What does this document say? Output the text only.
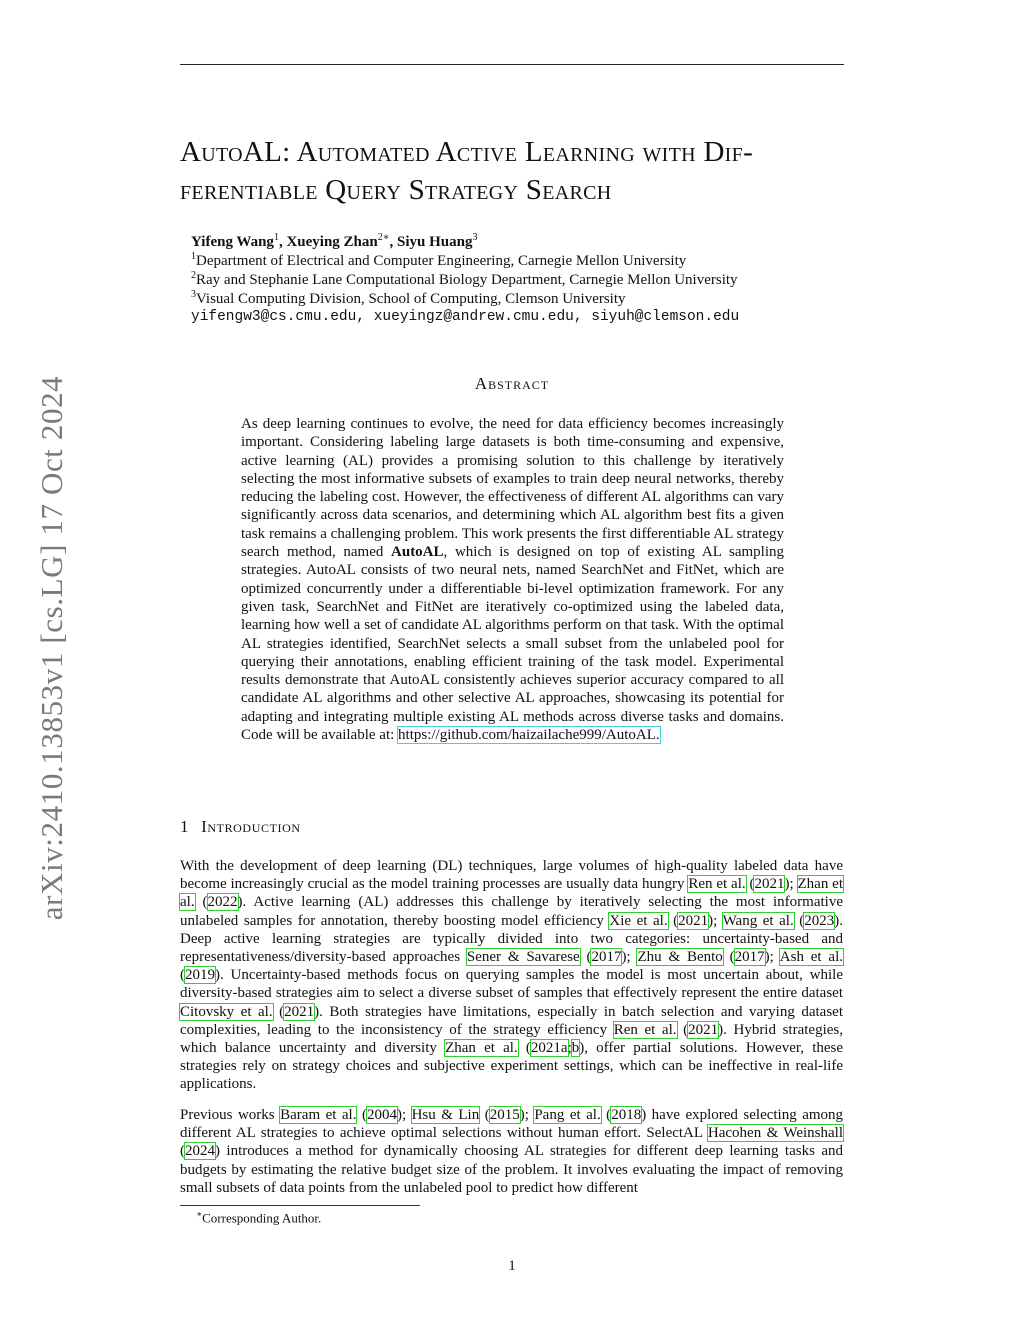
AutoAL: Automated Active Learning with Dif-
ferentiable Query Strategy Search
Yifeng Wang$^1$, Xueying Zhan$^{2∗}$, Siyu Huang$^3$
$^1$Department of Electrical and Computer Engineering, Carnegie Mellon University
$^2$Ray and Stephanie Lane Computational Biology Department, Carnegie Mellon University
$^3$Visual Computing Division, School of Computing, Clemson University
yifengw3@cs.cmu.edu, xueyingz@andrew.cmu.edu, siyuh@clemson.edu
arXiv:2410.13853v1 [cs.LG] 17 Oct 2024	Abstract
As deep learning continues to evolve, the need for data efficiency becomes increasingly important. Considering labeling large datasets is both time-consuming and expensive, active learning (AL) provides a promising solution to this challenge by iteratively selecting the most informative subsets of examples to train deep neural networks, thereby reducing the labeling cost. However, the effectiveness of different AL algorithms can vary significantly across data scenarios, and determining which AL algorithm best fits a given task remains a challenging problem. This work presents the first differentiable AL strategy search method, named AutoAL, which is designed on top of existing AL sampling strategies. AutoAL consists of two neural nets, named SearchNet and FitNet, which are optimized concurrently under a differentiable bi-level optimization framework. For any given task, SearchNet and FitNet are iteratively co-optimized using the labeled data, learning how well a set of candidate AL algorithms perform on that task. With the optimal AL strategies identified, SearchNet selects a small subset from the unlabeled pool for querying their annotations, enabling efficient training of the task model. Experimental results demonstrate that AutoAL consistently achieves superior accuracy compared to all candidate AL algorithms and other selective AL approaches, showcasing its potential for adapting and integrating multiple existing AL methods across diverse tasks and domains. Code will be available at: https://github.com/haizailache999/AutoAL.
1 Introduction
With the development of deep learning (DL) techniques, large volumes of high-quality labeled data have become increasingly crucial as the model training processes are usually data hungry Ren et al. (2021); Zhan et al. (2022). Active learning (AL) addresses this challenge by iteratively selecting the most informative unlabeled samples for annotation, thereby boosting model efficiency Xie et al. (2021); Wang et al. (2023). Deep active learning strategies are typically divided into two categories: uncertainty-based and representativeness/diversity-based approaches Sener & Savarese (2017); Zhu & Bento (2017); Ash et al. (2019). Uncertainty-based methods focus on querying samples the model is most uncertain about, while diversity-based strategies aim to select a diverse subset of samples that effectively represent the entire dataset Citovsky et al. (2021). Both strategies have limitations, especially in batch selection and varying dataset complexities, leading to the inconsistency of the strategy efficiency Ren et al. (2021). Hybrid strategies, which balance uncertainty and diversity Zhan et al. (2021a;b), offer partial solutions. However, these strategies rely on strategy choices and subjective experiment settings, which can be ineffective in real-life applications.
Previous works Baram et al. (2004); Hsu & Lin (2015); Pang et al. (2018) have explored selecting among different AL strategies to achieve optimal selections without human effort. SelectAL Hacohen & Weinshall (2024) introduces a method for dynamically choosing AL strategies for different deep learning tasks and budgets by estimating the relative budget size of the problem. It involves evaluating the impact of removing small subsets of data points from the unlabeled pool to predict how different
∗Corresponding Author.
1
